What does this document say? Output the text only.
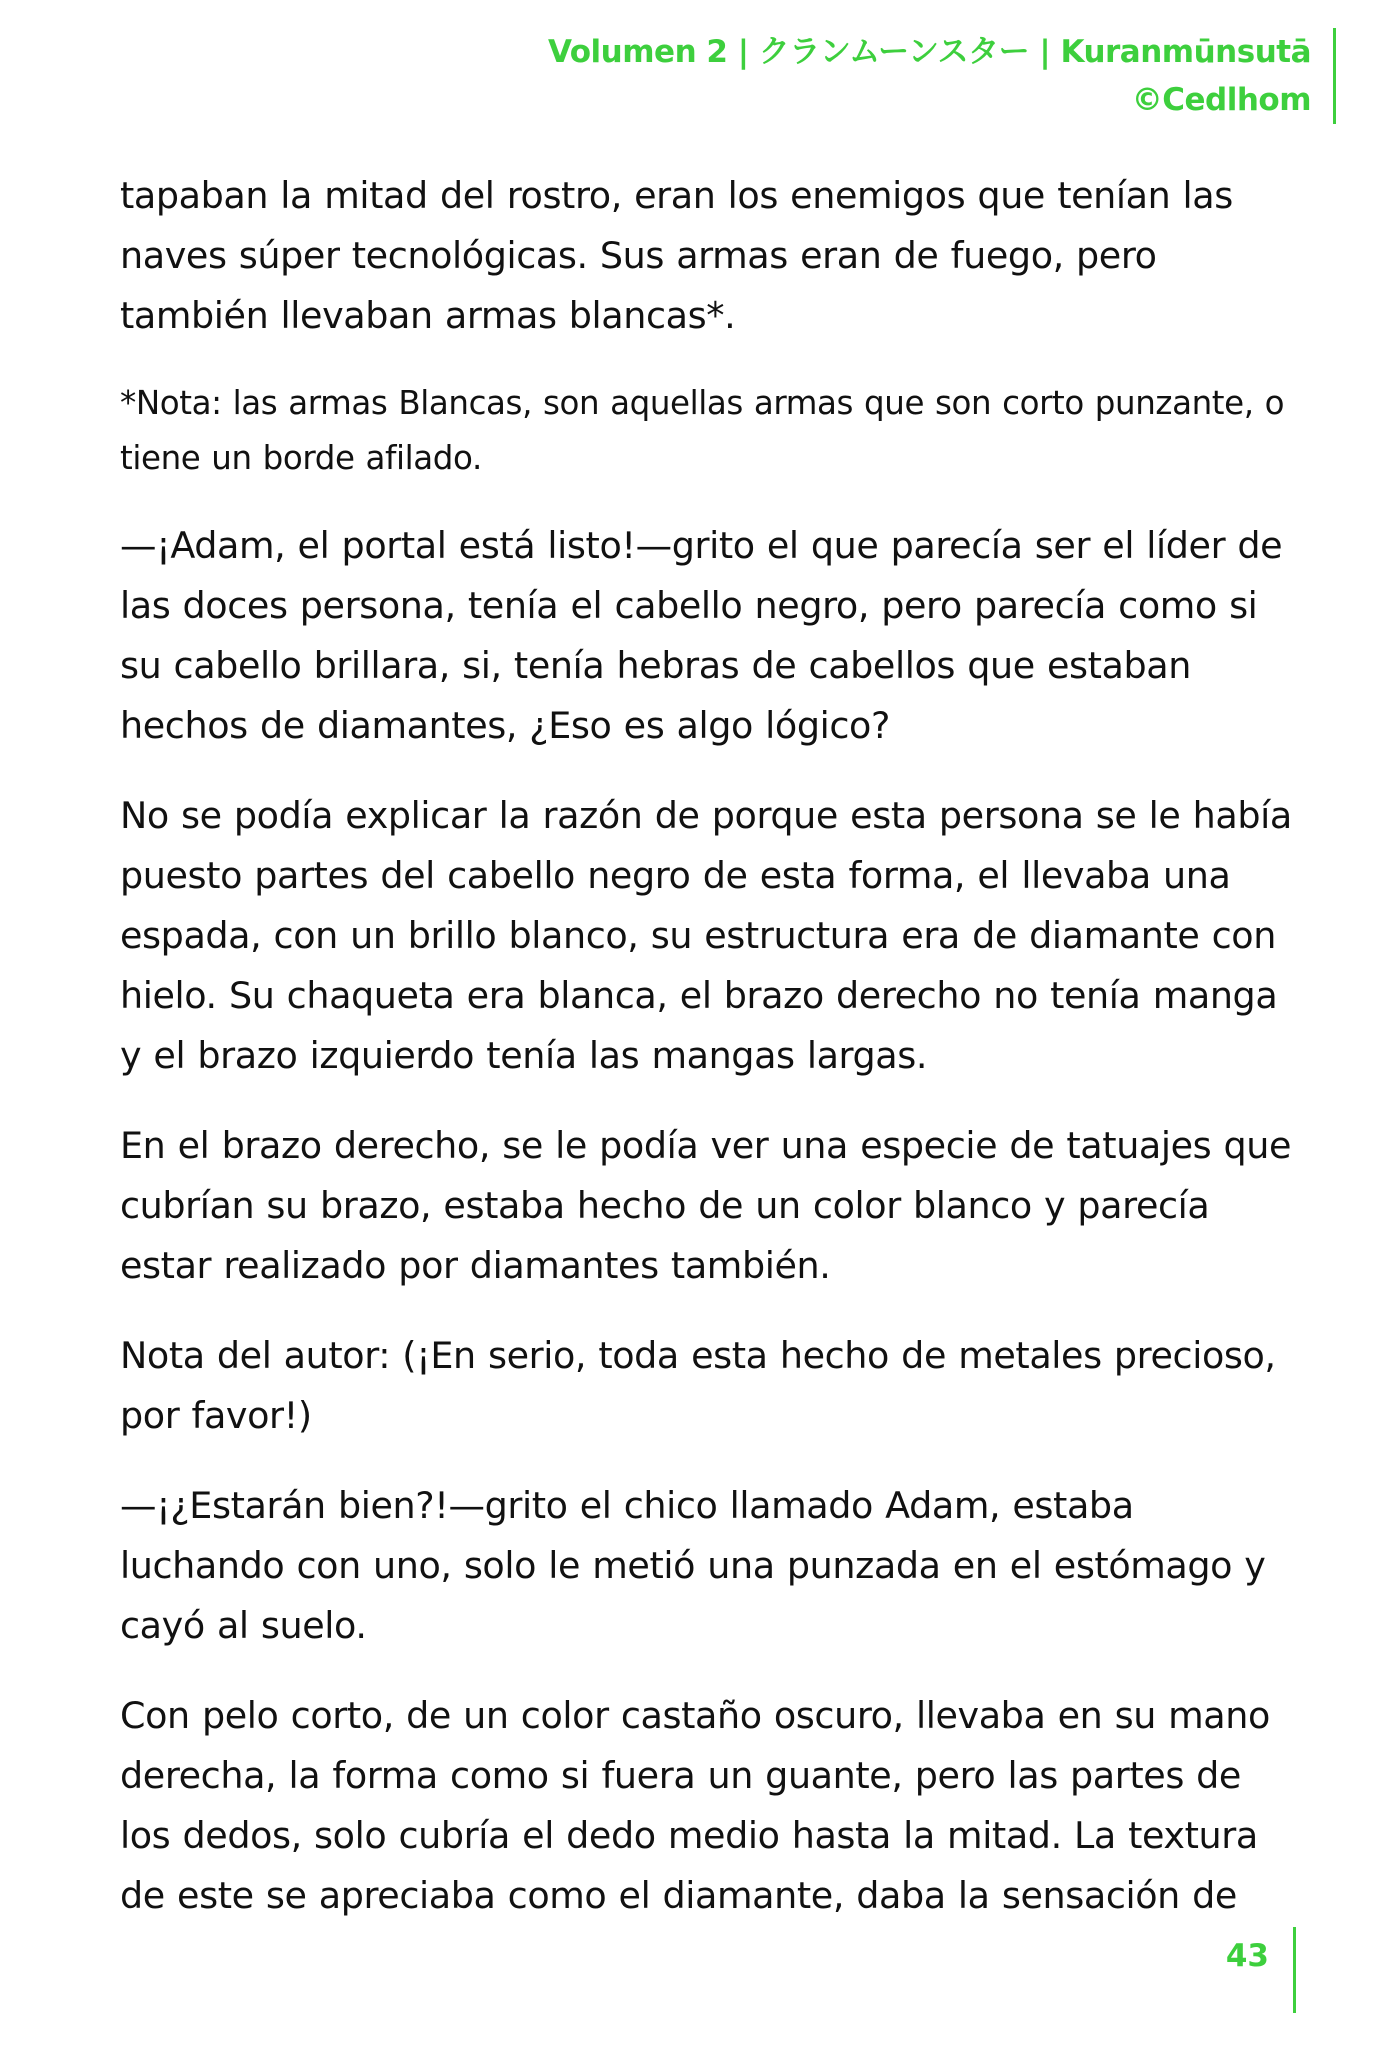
Volumen 2 | クランムーンスター | Kuranmūnsutā
©Cedlhom

tapaban la mitad del rostro, eran los enemigos que tenían las naves súper tecnológicas. Sus armas eran de fuego, pero también llevaban armas blancas*.

*Nota: las armas Blancas, son aquellas armas que son corto punzante, o tiene un borde afilado.

—¡Adam, el portal está listo!—grito el que parecía ser el líder de las doces persona, tenía el cabello negro, pero parecía como si su cabello brillara, si, tenía hebras de cabellos que estaban hechos de diamantes, ¿Eso es algo lógico?

No se podía explicar la razón de porque esta persona se le había puesto partes del cabello negro de esta forma, el llevaba una espada, con un brillo blanco, su estructura era de diamante con hielo. Su chaqueta era blanca, el brazo derecho no tenía manga y el brazo izquierdo tenía las mangas largas.

En el brazo derecho, se le podía ver una especie de tatuajes que cubrían su brazo, estaba hecho de un color blanco y parecía estar realizado por diamantes también.

Nota del autor: (¡En serio, toda esta hecho de metales precioso, por favor!)

—¡¿Estarán bien?!—grito el chico llamado Adam, estaba luchando con uno, solo le metió una punzada en el estómago y cayó al suelo.

Con pelo corto, de un color castaño oscuro, llevaba en su mano derecha, la forma como si fuera un guante, pero las partes de los dedos, solo cubría el dedo medio hasta la mitad. La textura de este se apreciaba como el diamante, daba la sensación de

43
